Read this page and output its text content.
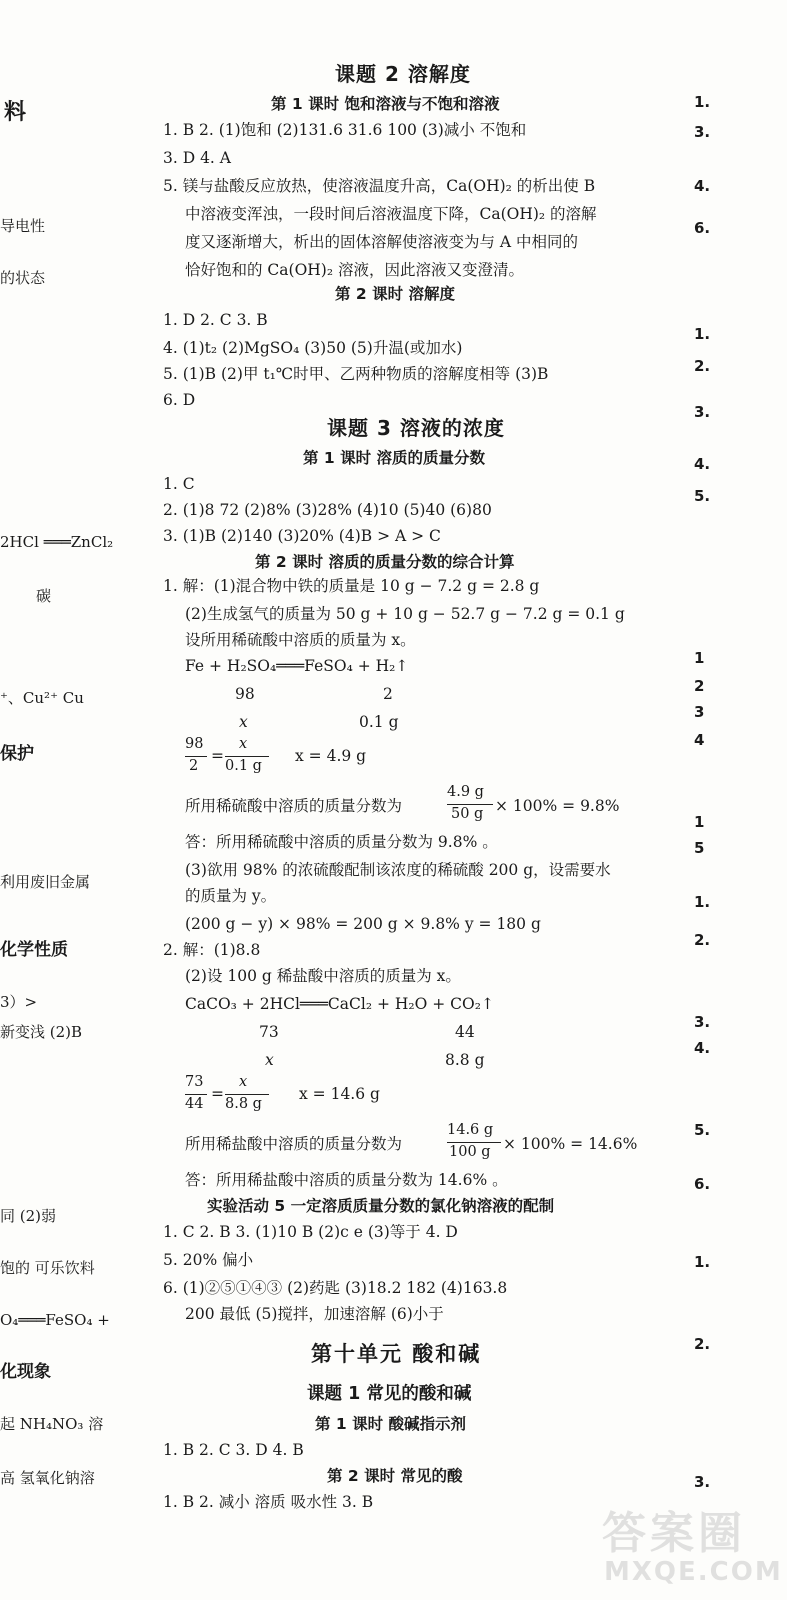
料
导电性
的状态
2HCl ═══ZnCl₂
碳
⁺、Cu²⁺ Cu
保护
利用废旧金属
化学性质
3）>
新变浅 (2)B
同 (2)弱
饱的 可乐饮料
O₄═══FeSO₄ +
化现象
起 NH₄NO₃ 溶
高 氢氧化钠溶
课题 2 溶解度
第 1 课时 饱和溶液与不饱和溶液
1. B 2. (1)饱和 (2)131.6 31.6 100 (3)减小 不饱和
3. D 4. A
5. 镁与盐酸反应放热，使溶液温度升高，Ca(OH)₂ 的析出使 B
中溶液变浑浊，一段时间后溶液温度下降，Ca(OH)₂ 的溶解
度又逐渐增大，析出的固体溶解使溶液变为与 A 中相同的
恰好饱和的 Ca(OH)₂ 溶液，因此溶液又变澄清。
第 2 课时 溶解度
1. D 2. C 3. B
4. (1)t₂ (2)MgSO₄ (3)50 (5)升温(或加水)
5. (1)B (2)甲 t₁℃时甲、乙两种物质的溶解度相等 (3)B
6. D
课题 3 溶液的浓度
第 1 课时 溶质的质量分数
1. C
2. (1)8 72 (2)8% (3)28% (4)10 (5)40 (6)80
3. (1)B (2)140 (3)20% (4)B > A > C
第 2 课时 溶质的质量分数的综合计算
1. 解：(1)混合物中铁的质量是 10 g − 7.2 g = 2.8 g
(2)生成氢气的质量为 50 g + 10 g − 52.7 g − 7.2 g = 0.1 g
设所用稀硫酸中溶质的质量为 x。
Fe + H₂SO₄═══FeSO₄ + H₂↑
98	2
x	0.1 g
98
2
=
x
0.1 g
x = 4.9 g
所用稀硫酸中溶质的质量分数为
4.9 g
50 g × 100% = 9.8%
答：所用稀硫酸中溶质的质量分数为 9.8% 。
(3)欲用 98% 的浓硫酸配制该浓度的稀硫酸 200 g，设需要水
的质量为 y。
(200 g − y) × 98% = 200 g × 9.8% y = 180 g
2. 解：(1)8.8
(2)设 100 g 稀盐酸中溶质的质量为 x。
CaCO₃ + 2HCl═══CaCl₂ + H₂O + CO₂↑
73	44
x	8.8 g
73
44
=
x
8.8 g
x = 14.6 g
所用稀盐酸中溶质的质量分数为
14.6 g
100 g × 100% = 14.6%
答：所用稀盐酸中溶质的质量分数为 14.6% 。
实验活动 5 一定溶质质量分数的氯化钠溶液的配制
1. C 2. B 3. (1)10 B (2)c e (3)等于 4. D
5. 20% 偏小
6. (1)②⑤①④③ (2)药匙 (3)18.2 182 (4)163.8
200 最低 (5)搅拌，加速溶解 (6)小于
第十单元 酸和碱
课题 1 常见的酸和碱
第 1 课时 酸碱指示剂
1. B 2. C 3. D 4. B
第 2 课时 常见的酸
1. B 2. 减小 溶质 吸水性 3. B
1.
3.
4.
6.
1.
2.
3.
4.
5.
1
2
3
4
1
5
1.
2.
3.
4.
5.
6.
1.
2.
3.
答案圈
MXQE.COM
